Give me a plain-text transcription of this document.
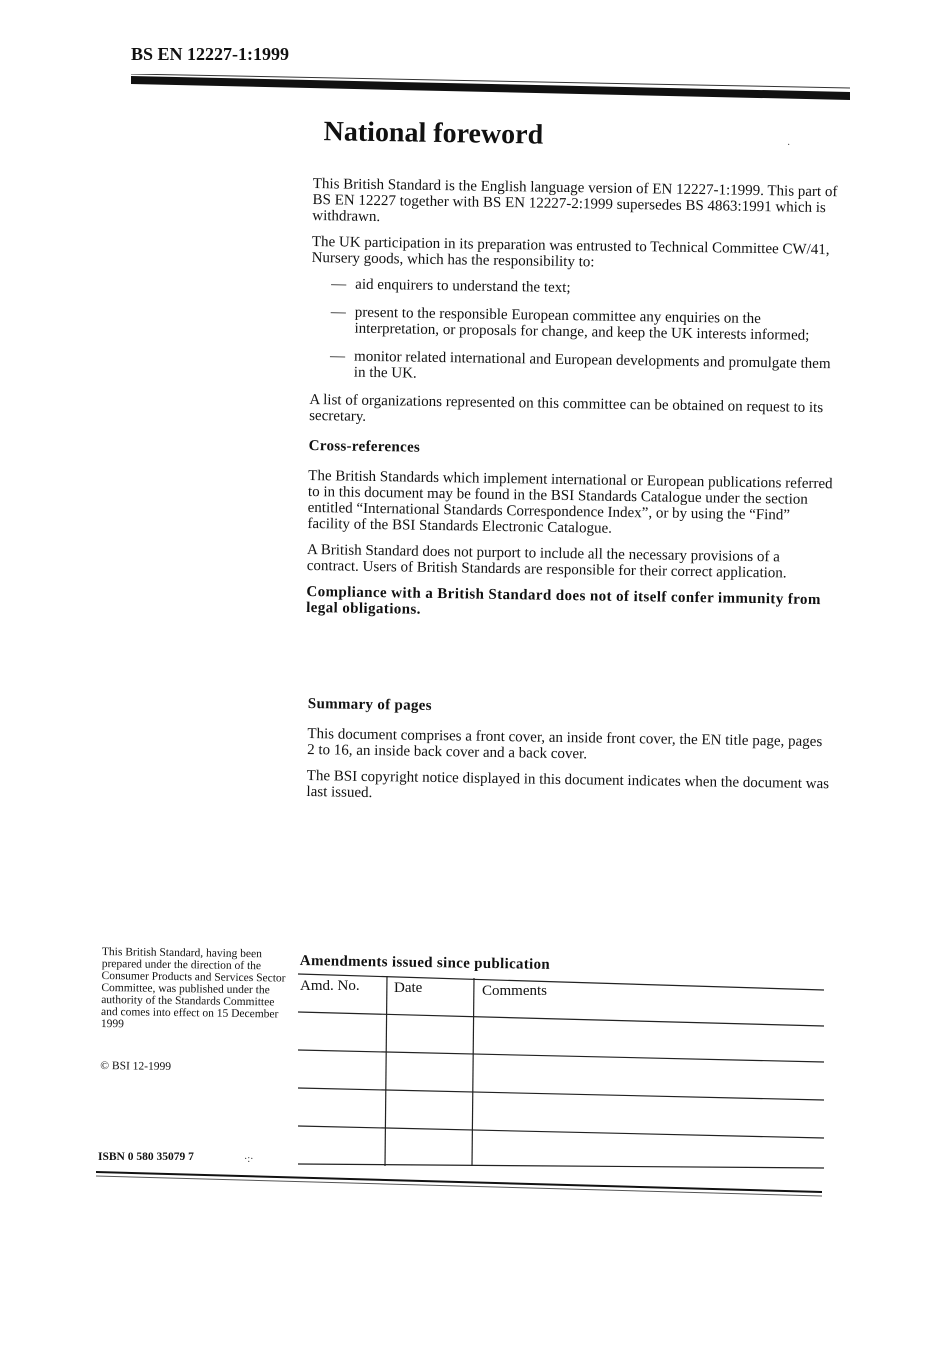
BS EN 12227-1:1999
·
National foreword

This British Standard is the English language version of EN 12227-1:1999. This part of BS EN 12227 together with BS EN 12227-2:1999 supersedes BS 4863:1991 which is withdrawn.

The UK participation in its preparation was entrusted to Technical Committee CW/41, Nursery goods, which has the responsibility to:

— aid enquirers to understand the text;
— present to the responsible European committee any enquiries on the interpretation, or proposals for change, and keep the UK interests informed;
— monitor related international and European developments and promulgate them in the UK.

A list of organizations represented on this committee can be obtained on request to its secretary.

Cross-references

The British Standards which implement international or European publications referred to in this document may be found in the BSI Standards Catalogue under the section entitled “International Standards Correspondence Index”, or by using the “Find” facility of the BSI Standards Electronic Catalogue.

A British Standard does not purport to include all the necessary provisions of a contract. Users of British Standards are responsible for their correct application.

Compliance with a British Standard does not of itself confer immunity from legal obligations.

Summary of pages

This document comprises a front cover, an inside front cover, the EN title page, pages 2 to 16, an inside back cover and a back cover.

The BSI copyright notice displayed in this document indicates when the document was last issued.

This British Standard, having been prepared under the direction of the Consumer Products and Services Sector Committee, was published under the authority of the Standards Committee and comes into effect on 15 December 1999

© BSI 12-1999

ISBN 0 580 35079 7	·:·
Amendments issued since publication
Amd. No. Date	Comments
